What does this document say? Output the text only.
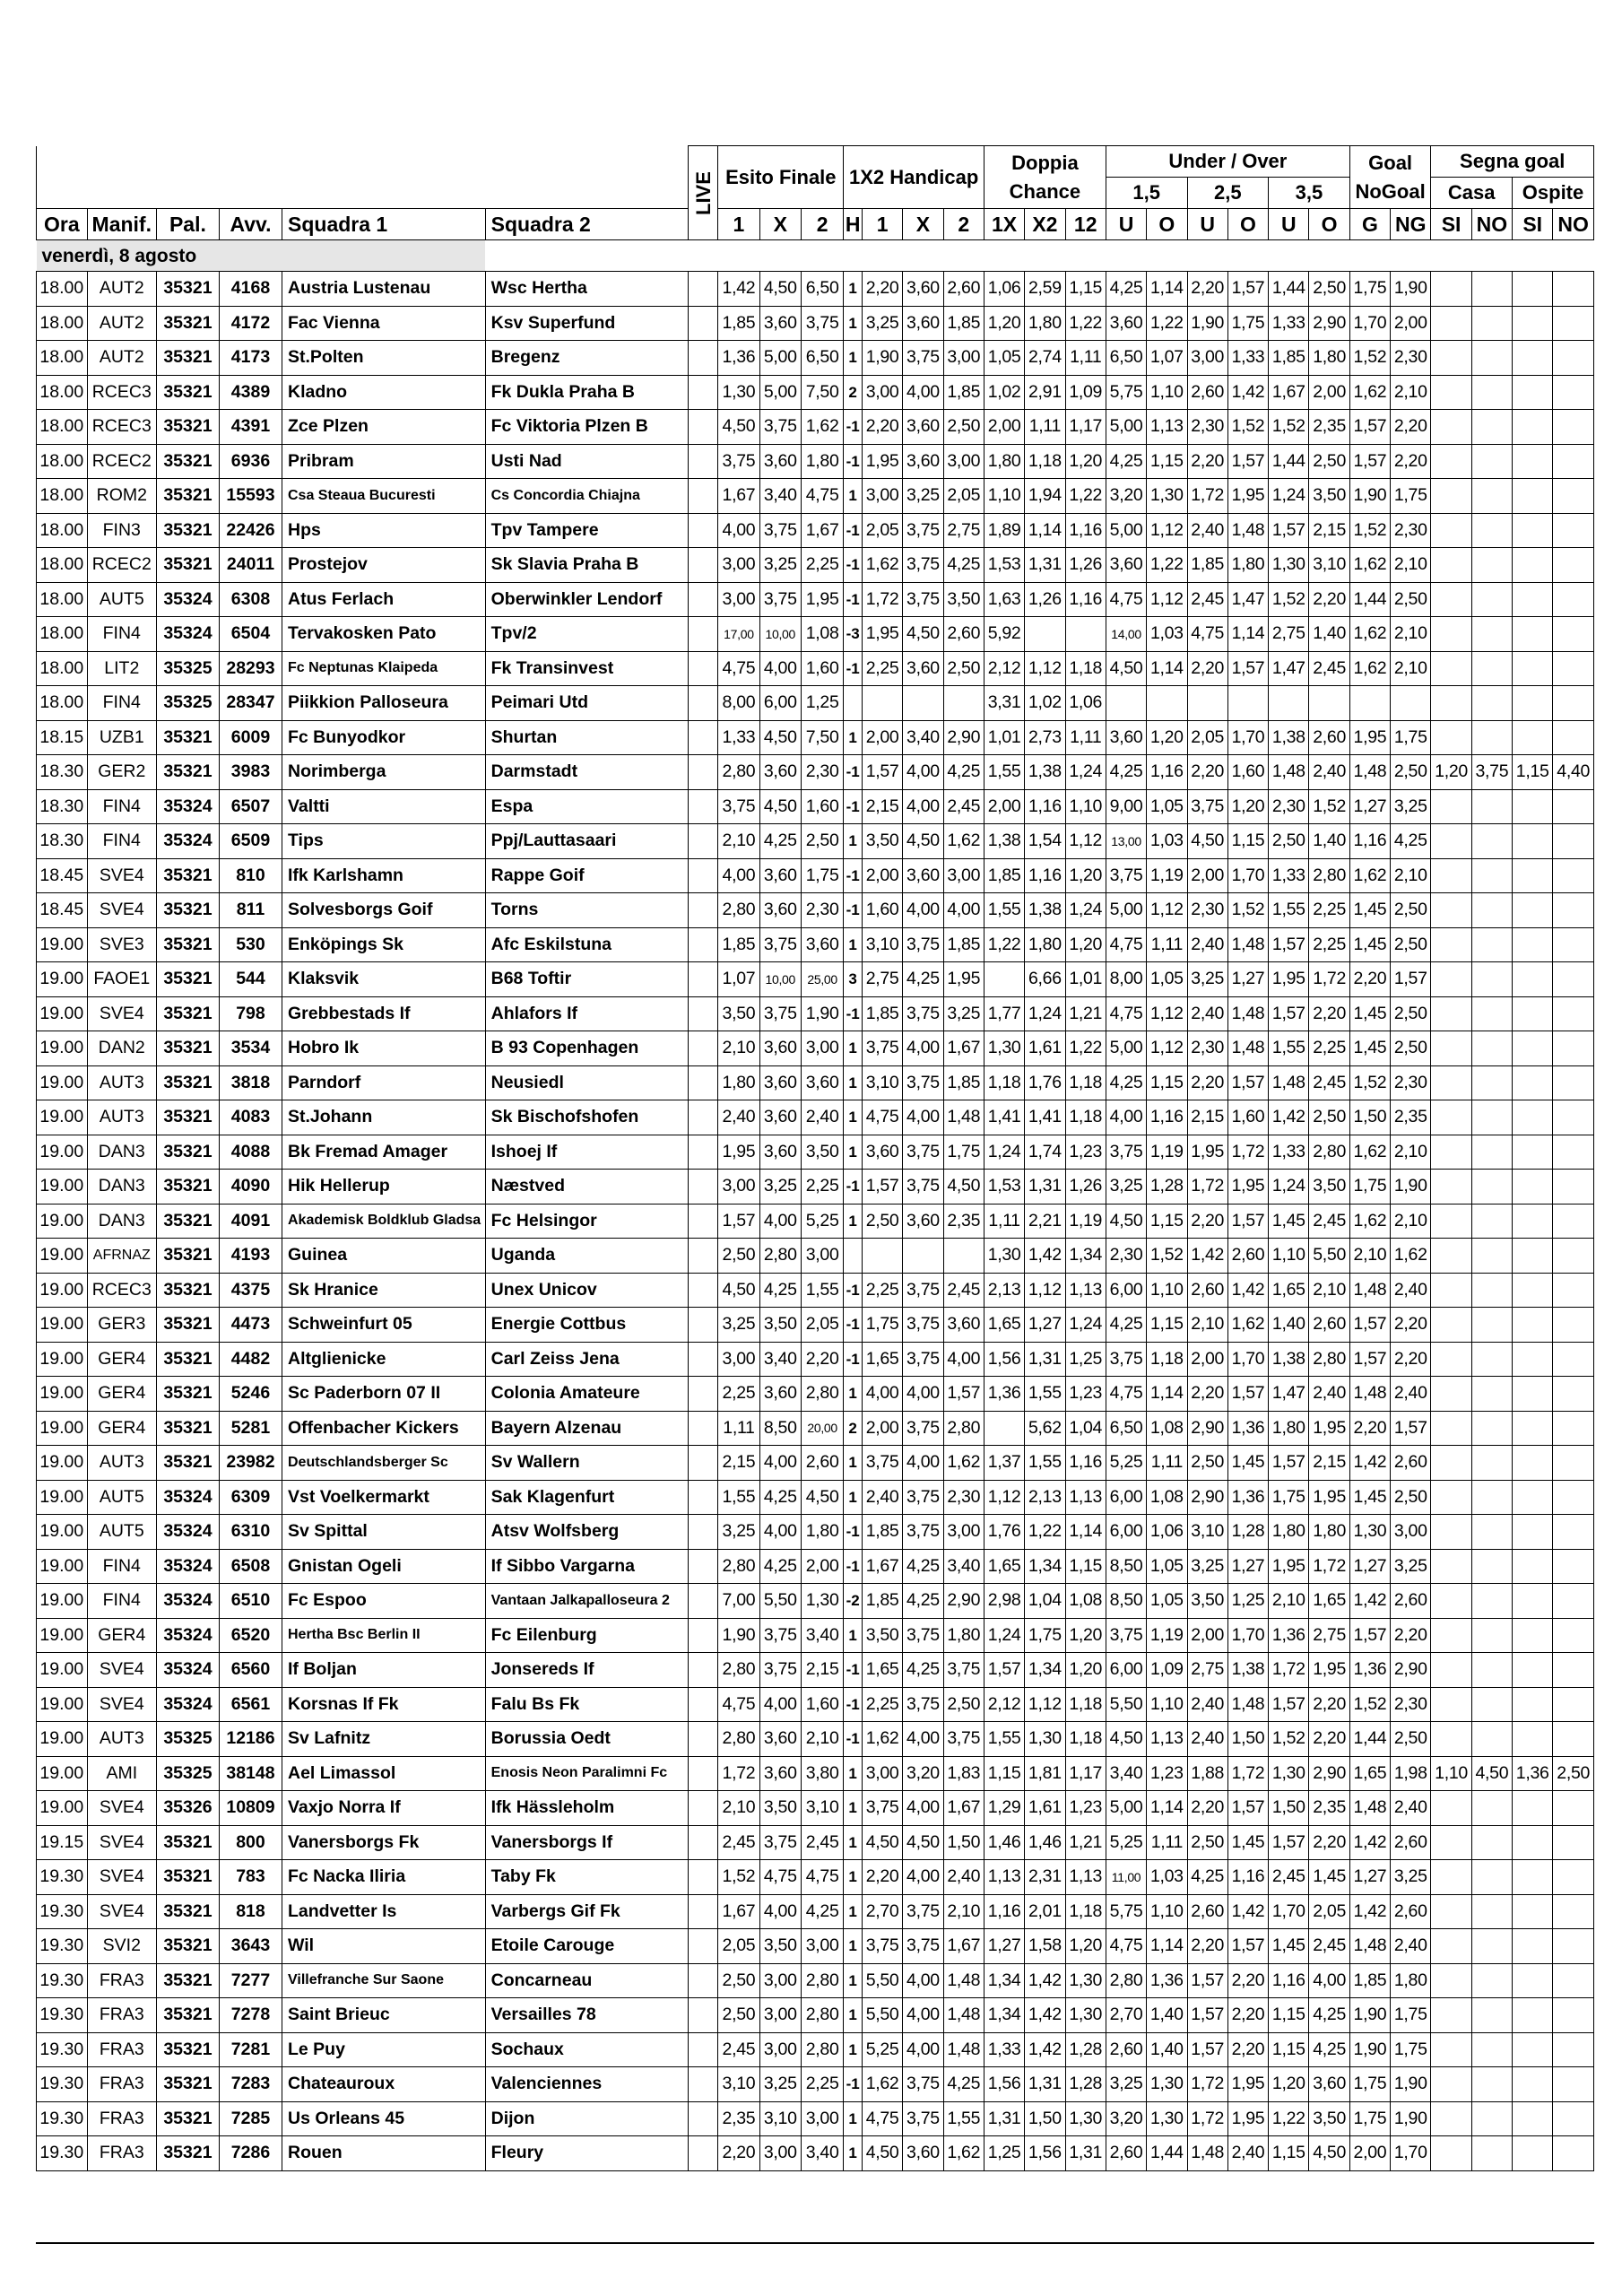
						LIVE	Esito Finale			1X2 Handicap				Doppia Chance			Under / Over						Goal NoGoal		Segna goal			
																	1,5		2,5		3,5				Casa		Ospite	
Ora	Manif.	Pal.	Avv.	Squadra 1	Squadra 2		1	X	2	H	1	X	2	1X	X2	12	U	O	U	O	U	O	G	NG	SI	NO	SI	NO
venerdì, 8 agosto																												
18.00	AUT2	35321	4168	Austria Lustenau	Wsc Hertha		1,42	4,50	6,50	1	2,20	3,60	2,60	1,06	2,59	1,15	4,25	1,14	2,20	1,57	1,44	2,50	1,75	1,90				
18.00	AUT2	35321	4172	Fac Vienna	Ksv Superfund		1,85	3,60	3,75	1	3,25	3,60	1,85	1,20	1,80	1,22	3,60	1,22	1,90	1,75	1,33	2,90	1,70	2,00				
18.00	AUT2	35321	4173	St.Polten	Bregenz		1,36	5,00	6,50	1	1,90	3,75	3,00	1,05	2,74	1,11	6,50	1,07	3,00	1,33	1,85	1,80	1,52	2,30				
18.00	RCEC3	35321	4389	Kladno	Fk Dukla Praha B		1,30	5,00	7,50	2	3,00	4,00	1,85	1,02	2,91	1,09	5,75	1,10	2,60	1,42	1,67	2,00	1,62	2,10				
18.00	RCEC3	35321	4391	Zce Plzen	Fc Viktoria Plzen B		4,50	3,75	1,62	-1	2,20	3,60	2,50	2,00	1,11	1,17	5,00	1,13	2,30	1,52	1,52	2,35	1,57	2,20				
18.00	RCEC2	35321	6936	Pribram	Usti Nad		3,75	3,60	1,80	-1	1,95	3,60	3,00	1,80	1,18	1,20	4,25	1,15	2,20	1,57	1,44	2,50	1,57	2,20				
18.00	ROM2	35321	15593	Csa Steaua Bucuresti	Cs Concordia Chiajna		1,67	3,40	4,75	1	3,00	3,25	2,05	1,10	1,94	1,22	3,20	1,30	1,72	1,95	1,24	3,50	1,90	1,75				
18.00	FIN3	35321	22426	Hps	Tpv Tampere		4,00	3,75	1,67	-1	2,05	3,75	2,75	1,89	1,14	1,16	5,00	1,12	2,40	1,48	1,57	2,15	1,52	2,30				
18.00	RCEC2	35321	24011	Prostejov	Sk Slavia Praha B		3,00	3,25	2,25	-1	1,62	3,75	4,25	1,53	1,31	1,26	3,60	1,22	1,85	1,80	1,30	3,10	1,62	2,10				
18.00	AUT5	35324	6308	Atus Ferlach	Oberwinkler Lendorf		3,00	3,75	1,95	-1	1,72	3,75	3,50	1,63	1,26	1,16	4,75	1,12	2,45	1,47	1,52	2,20	1,44	2,50				
18.00	FIN4	35324	6504	Tervakosken Pato	Tpv/2		17,00	10,00	1,08	-3	1,95	4,50	2,60	5,92			14,00	1,03	4,75	1,14	2,75	1,40	1,62	2,10				
18.00	LIT2	35325	28293	Fc Neptunas Klaipeda	Fk Transinvest		4,75	4,00	1,60	-1	2,25	3,60	2,50	2,12	1,12	1,18	4,50	1,14	2,20	1,57	1,47	2,45	1,62	2,10				
18.00	FIN4	35325	28347	Piikkion Palloseura	Peimari Utd		8,00	6,00	1,25					3,31	1,02	1,06												
18.15	UZB1	35321	6009	Fc Bunyodkor	Shurtan		1,33	4,50	7,50	1	2,00	3,40	2,90	1,01	2,73	1,11	3,60	1,20	2,05	1,70	1,38	2,60	1,95	1,75				
18.30	GER2	35321	3983	Norimberga	Darmstadt		2,80	3,60	2,30	-1	1,57	4,00	4,25	1,55	1,38	1,24	4,25	1,16	2,20	1,60	1,48	2,40	1,48	2,50	1,20	3,75	1,15	4,40
18.30	FIN4	35324	6507	Valtti	Espa		3,75	4,50	1,60	-1	2,15	4,00	2,45	2,00	1,16	1,10	9,00	1,05	3,75	1,20	2,30	1,52	1,27	3,25				
18.30	FIN4	35324	6509	Tips	Ppj/Lauttasaari		2,10	4,25	2,50	1	3,50	4,50	1,62	1,38	1,54	1,12	13,00	1,03	4,50	1,15	2,50	1,40	1,16	4,25				
18.45	SVE4	35321	810	Ifk Karlshamn	Rappe Goif		4,00	3,60	1,75	-1	2,00	3,60	3,00	1,85	1,16	1,20	3,75	1,19	2,00	1,70	1,33	2,80	1,62	2,10				
18.45	SVE4	35321	811	Solvesborgs Goif	Torns		2,80	3,60	2,30	-1	1,60	4,00	4,00	1,55	1,38	1,24	5,00	1,12	2,30	1,52	1,55	2,25	1,45	2,50				
19.00	SVE3	35321	530	Enköpings Sk	Afc Eskilstuna		1,85	3,75	3,60	1	3,10	3,75	1,85	1,22	1,80	1,20	4,75	1,11	2,40	1,48	1,57	2,25	1,45	2,50				
19.00	FAOE1	35321	544	Klaksvik	B68 Toftir		1,07	10,00	25,00	3	2,75	4,25	1,95		6,66	1,01	8,00	1,05	3,25	1,27	1,95	1,72	2,20	1,57				
19.00	SVE4	35321	798	Grebbestads If	Ahlafors If		3,50	3,75	1,90	-1	1,85	3,75	3,25	1,77	1,24	1,21	4,75	1,12	2,40	1,48	1,57	2,20	1,45	2,50				
19.00	DAN2	35321	3534	Hobro Ik	B 93 Copenhagen		2,10	3,60	3,00	1	3,75	4,00	1,67	1,30	1,61	1,22	5,00	1,12	2,30	1,48	1,55	2,25	1,45	2,50				
19.00	AUT3	35321	3818	Parndorf	Neusiedl		1,80	3,60	3,60	1	3,10	3,75	1,85	1,18	1,76	1,18	4,25	1,15	2,20	1,57	1,48	2,45	1,52	2,30				
19.00	AUT3	35321	4083	St.Johann	Sk Bischofshofen		2,40	3,60	2,40	1	4,75	4,00	1,48	1,41	1,41	1,18	4,00	1,16	2,15	1,60	1,42	2,50	1,50	2,35				
19.00	DAN3	35321	4088	Bk Fremad Amager	Ishoej If		1,95	3,60	3,50	1	3,60	3,75	1,75	1,24	1,74	1,23	3,75	1,19	1,95	1,72	1,33	2,80	1,62	2,10				
19.00	DAN3	35321	4090	Hik Hellerup	Næstved		3,00	3,25	2,25	-1	1,57	3,75	4,50	1,53	1,31	1,26	3,25	1,28	1,72	1,95	1,24	3,50	1,75	1,90				
19.00	DAN3	35321	4091	Akademisk Boldklub Gladsa	Fc Helsingor		1,57	4,00	5,25	1	2,50	3,60	2,35	1,11	2,21	1,19	4,50	1,15	2,20	1,57	1,45	2,45	1,62	2,10				
19.00	AFRNAZ	35321	4193	Guinea	Uganda		2,50	2,80	3,00					1,30	1,42	1,34	2,30	1,52	1,42	2,60	1,10	5,50	2,10	1,62				
19.00	RCEC3	35321	4375	Sk Hranice	Unex Unicov		4,50	4,25	1,55	-1	2,25	3,75	2,45	2,13	1,12	1,13	6,00	1,10	2,60	1,42	1,65	2,10	1,48	2,40				
19.00	GER3	35321	4473	Schweinfurt 05	Energie Cottbus		3,25	3,50	2,05	-1	1,75	3,75	3,60	1,65	1,27	1,24	4,25	1,15	2,10	1,62	1,40	2,60	1,57	2,20				
19.00	GER4	35321	4482	Altglienicke	Carl Zeiss Jena		3,00	3,40	2,20	-1	1,65	3,75	4,00	1,56	1,31	1,25	3,75	1,18	2,00	1,70	1,38	2,80	1,57	2,20				
19.00	GER4	35321	5246	Sc Paderborn 07 II	Colonia Amateure		2,25	3,60	2,80	1	4,00	4,00	1,57	1,36	1,55	1,23	4,75	1,14	2,20	1,57	1,47	2,40	1,48	2,40				
19.00	GER4	35321	5281	Offenbacher Kickers	Bayern Alzenau		1,11	8,50	20,00	2	2,00	3,75	2,80		5,62	1,04	6,50	1,08	2,90	1,36	1,80	1,95	2,20	1,57				
19.00	AUT3	35321	23982	Deutschlandsberger Sc	Sv Wallern		2,15	4,00	2,60	1	3,75	4,00	1,62	1,37	1,55	1,16	5,25	1,11	2,50	1,45	1,57	2,15	1,42	2,60				
19.00	AUT5	35324	6309	Vst Voelkermarkt	Sak Klagenfurt		1,55	4,25	4,50	1	2,40	3,75	2,30	1,12	2,13	1,13	6,00	1,08	2,90	1,36	1,75	1,95	1,45	2,50				
19.00	AUT5	35324	6310	Sv Spittal	Atsv Wolfsberg		3,25	4,00	1,80	-1	1,85	3,75	3,00	1,76	1,22	1,14	6,00	1,06	3,10	1,28	1,80	1,80	1,30	3,00				
19.00	FIN4	35324	6508	Gnistan Ogeli	If Sibbo Vargarna		2,80	4,25	2,00	-1	1,67	4,25	3,40	1,65	1,34	1,15	8,50	1,05	3,25	1,27	1,95	1,72	1,27	3,25				
19.00	FIN4	35324	6510	Fc Espoo	Vantaan Jalkapalloseura 2		7,00	5,50	1,30	-2	1,85	4,25	2,90	2,98	1,04	1,08	8,50	1,05	3,50	1,25	2,10	1,65	1,42	2,60				
19.00	GER4	35324	6520	Hertha Bsc Berlin II	Fc Eilenburg		1,90	3,75	3,40	1	3,50	3,75	1,80	1,24	1,75	1,20	3,75	1,19	2,00	1,70	1,36	2,75	1,57	2,20				
19.00	SVE4	35324	6560	If Boljan	Jonsereds If		2,80	3,75	2,15	-1	1,65	4,25	3,75	1,57	1,34	1,20	6,00	1,09	2,75	1,38	1,72	1,95	1,36	2,90				
19.00	SVE4	35324	6561	Korsnas If Fk	Falu Bs Fk		4,75	4,00	1,60	-1	2,25	3,75	2,50	2,12	1,12	1,18	5,50	1,10	2,40	1,48	1,57	2,20	1,52	2,30				
19.00	AUT3	35325	12186	Sv Lafnitz	Borussia Oedt		2,80	3,60	2,10	-1	1,62	4,00	3,75	1,55	1,30	1,18	4,50	1,13	2,40	1,50	1,52	2,20	1,44	2,50				
19.00	AMI	35325	38148	Ael Limassol	Enosis Neon Paralimni Fc		1,72	3,60	3,80	1	3,00	3,20	1,83	1,15	1,81	1,17	3,40	1,23	1,88	1,72	1,30	2,90	1,65	1,98	1,10	4,50	1,36	2,50
19.00	SVE4	35326	10809	Vaxjo Norra If	Ifk Hässleholm		2,10	3,50	3,10	1	3,75	4,00	1,67	1,29	1,61	1,23	5,00	1,14	2,20	1,57	1,50	2,35	1,48	2,40				
19.15	SVE4	35321	800	Vanersborgs Fk	Vanersborgs If		2,45	3,75	2,45	1	4,50	4,50	1,50	1,46	1,46	1,21	5,25	1,11	2,50	1,45	1,57	2,20	1,42	2,60				
19.30	SVE4	35321	783	Fc Nacka Iliria	Taby Fk		1,52	4,75	4,75	1	2,20	4,00	2,40	1,13	2,31	1,13	11,00	1,03	4,25	1,16	2,45	1,45	1,27	3,25				
19.30	SVE4	35321	818	Landvetter Is	Varbergs Gif Fk		1,67	4,00	4,25	1	2,70	3,75	2,10	1,16	2,01	1,18	5,75	1,10	2,60	1,42	1,70	2,05	1,42	2,60				
19.30	SVI2	35321	3643	Wil	Etoile Carouge		2,05	3,50	3,00	1	3,75	3,75	1,67	1,27	1,58	1,20	4,75	1,14	2,20	1,57	1,45	2,45	1,48	2,40				
19.30	FRA3	35321	7277	Villefranche Sur Saone	Concarneau		2,50	3,00	2,80	1	5,50	4,00	1,48	1,34	1,42	1,30	2,80	1,36	1,57	2,20	1,16	4,00	1,85	1,80				
19.30	FRA3	35321	7278	Saint Brieuc	Versailles 78		2,50	3,00	2,80	1	5,50	4,00	1,48	1,34	1,42	1,30	2,70	1,40	1,57	2,20	1,15	4,25	1,90	1,75				
19.30	FRA3	35321	7281	Le Puy	Sochaux		2,45	3,00	2,80	1	5,25	4,00	1,48	1,33	1,42	1,28	2,60	1,40	1,57	2,20	1,15	4,25	1,90	1,75				
19.30	FRA3	35321	7283	Chateauroux	Valenciennes		3,10	3,25	2,25	-1	1,62	3,75	4,25	1,56	1,31	1,28	3,25	1,30	1,72	1,95	1,20	3,60	1,75	1,90				
19.30	FRA3	35321	7285	Us Orleans 45	Dijon		2,35	3,10	3,00	1	4,75	3,75	1,55	1,31	1,50	1,30	3,20	1,30	1,72	1,95	1,22	3,50	1,75	1,90				
19.30	FRA3	35321	7286	Rouen	Fleury		2,20	3,00	3,40	1	4,50	3,60	1,62	1,25	1,56	1,31	2,60	1,44	1,48	2,40	1,15	4,50	2,00	1,70				
